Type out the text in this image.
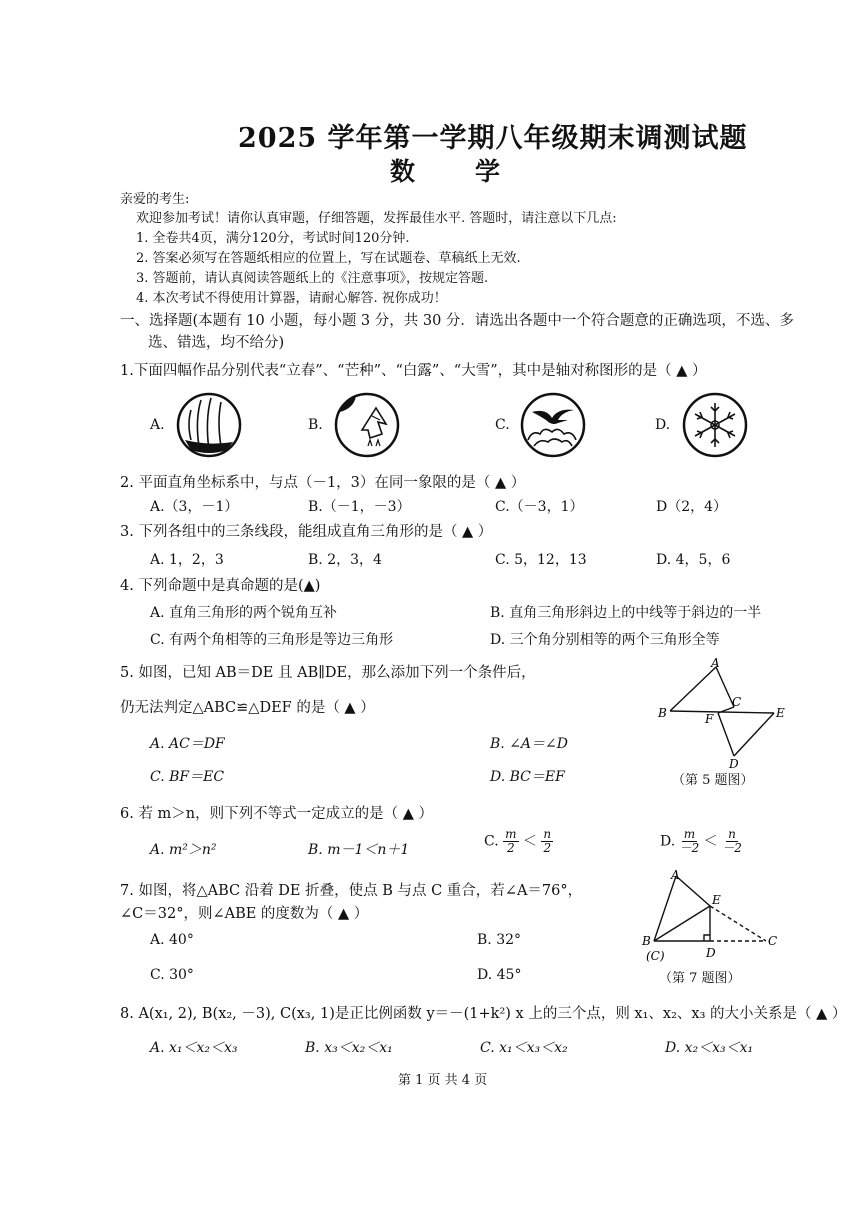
2025 学年第一学期八年级期末调测试题
数学
亲爱的考生:
欢迎参加考试！请你认真审题，仔细答题，发挥最佳水平. 答题时，请注意以下几点:
1. 全卷共4页，满分120分，考试时间120分钟.
2. 答案必须写在答题纸相应的位置上，写在试题卷、草稿纸上无效.
3. 答题前，请认真阅读答题纸上的《注意事项》，按规定答题.
4. 本次考试不得使用计算器，请耐心解答. 祝你成功！
一、选择题(本题有 10 小题，每小题 3 分，共 30 分．请选出各题中一个符合题意的正确选项，不选、多
选、错选，均不给分)
1.下面四幅作品分别代表“立春”、“芒种”、“白露”、“大雪”，其中是轴对称图形的是（ ▲ ）
A.	B.	C.	D.
2. 平面直角坐标系中，与点（－1，3）在同一象限的是（ ▲ ）
A.（3，－1）	B.（－1，－3）	C.（－3，1）	D（2，4）
3. 下列各组中的三条线段，能组成直角三角形的是（ ▲ ）
A. 1，2，3	B. 2，3，4	C. 5，12，13	D. 4，5，6
4. 下列命题中是真命题的是(▲)
A. 直角三角形的两个锐角互补	B. 直角三角形斜边上的中线等于斜边的一半
C. 有两个角相等的三角形是等边三角形	D. 三个角分别相等的两个三角形全等
5. 如图，已知 AB＝DE 且 AB∥DE，那么添加下列一个条件后，
仍无法判定△ABC≌△DEF 的是（ ▲ ）
A. AC＝DF	B. ∠A＝∠D
C. BF＝EC	D. BC＝EF
A
B
C
F	E
D
（第 5 题图）
6. 若 m＞n，则下列不等式一定成立的是（ ▲ ）
A. m²＞n²	B. m－1＜n＋1
C. $\frac{m}{2} < \frac{n}{2}$	D. $\frac{m}{-2} < \frac{n}{-2}$
7. 如图，将△ABC 沿着 DE 折叠，使点 B 与点 C 重合，若∠A＝76°，
∠C＝32°，则∠ABE 的度数为（ ▲ ）
A. 40°	B. 32°
C. 30°	D. 45°
A
E
B
(C)	D
C
（第 7 题图）
8. A(x₁, 2), B(x₂, －3), C(x₃, 1)是正比例函数 y＝－(1+k²) x 上的三个点，则 x₁、x₂、x₃ 的大小关系是（ ▲ ）
A. x₁＜x₂＜x₃	B. x₃＜x₂＜x₁	C. x₁＜x₃＜x₂	D. x₂＜x₃＜x₁
第 1 页 共 4 页
